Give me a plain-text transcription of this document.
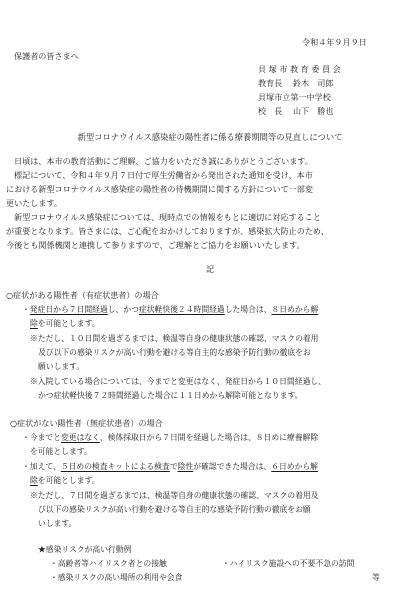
令和４年９月９日
保護者の皆さまへ
貝 塚 市 教 育 委 員 会
教育長　 鈴木　司郎
貝塚市立第一中学校
校　長　 山下　勝也
新型コロナウイルス感染症の陽性者に係る療養期間等の見直しについて
日頃は、本市の教育活動にご理解、ご協力をいただき誠にありがとうございます。
標記について、令和４年９月７日付で厚生労働省から発出された通知を受け、本市
における新型コロナウイルス感染症の陽性者の待機期間に関する方針について一部変
更いたします。
新型コロナウイルス感染症については、現時点での情報をもとに適切に対応すること
が重要となります。皆さまには、ご心配をおかけしておりますが、感染拡大防止のため、
今後とも関係機関と連携して参りますので、ご理解とご協力をお願いいたします。
記
○症状がある陽性者（有症状患者）の場合
・発症日から７日間経過し、かつ症状軽快後２４時間経過した場合は、８日めから解
除を可能とします。
※ただし、１０日間を過ぎるまでは、検温等自身の健康状態の確認、マスクの着用
及び以下の感染リスクが高い行動を避ける等自主的な感染予防行動の徹底をお
願いします。
※入院している場合については、今までと変更はなく、発症日から１０日間経過し、
かつ症状軽快後７２時間経過した場合に１１日めから解除可能となります。
○症状がない陽性者（無症状患者）の場合
・今までと変更はなく、検体採取日から７日間を経過した場合は、８日めに療養解除
を可能とします。
・加えて、５日めの検査キットによる検査で陰性が確認できた場合は、６日めから解
除を可能とします。
※ただし、７日間を過ぎるまでは、検温等自身の健康状態の確認、マスクの着用及
び以下の感染リスクが高い行動を避ける等自主的な感染予防行動の徹底をお願
いします。
★感染リスクが高い行動例
・高齢者等ハイリスク者との接触	・ハイリスク施設への不要不急の訪問
・感染リスクの高い場所の利用や会食	等
